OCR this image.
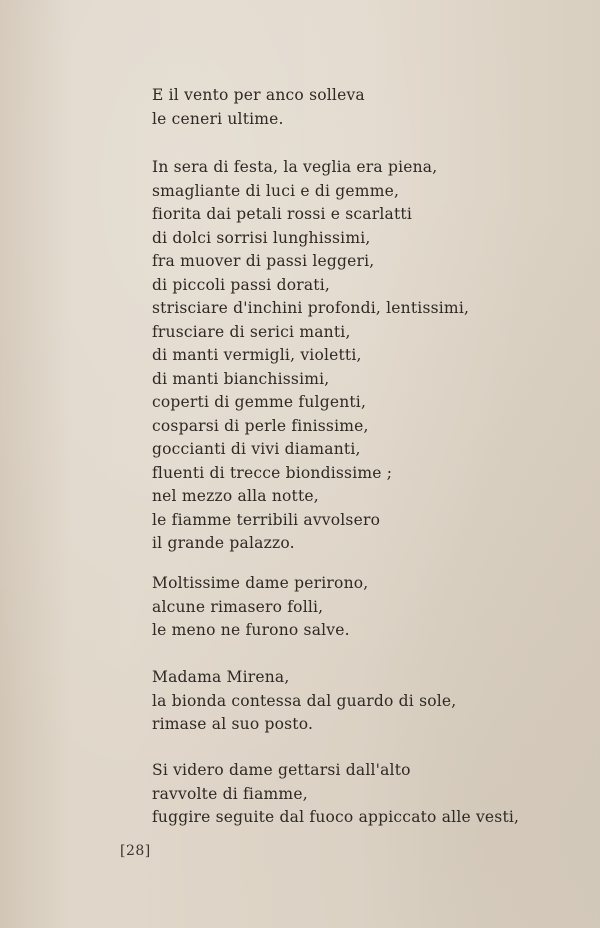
E il vento per anco solleva
le ceneri ultime.
In sera di festa, la veglia era piena,
smagliante di luci e di gemme,
fiorita dai petali rossi e scarlatti
di dolci sorrisi lunghissimi,
fra muover di passi leggeri,
di piccoli passi dorati,
strisciare d'inchini profondi, lentissimi,
frusciare di serici manti,
di manti vermigli, violetti,
di manti bianchissimi,
coperti di gemme fulgenti,
cosparsi di perle finissime,
goccianti di vivi diamanti,
fluenti di trecce biondissime ;
nel mezzo alla notte,
le fiamme terribili avvolsero
il grande palazzo.
Moltissime dame perirono,
alcune rimasero folli,
le meno ne furono salve.
Madama Mirena,
la bionda contessa dal guardo di sole,
rimase al suo posto.
Si videro dame gettarsi dall'alto
ravvolte di fiamme,
fuggire seguite dal fuoco appiccato alle vesti,
[28]
